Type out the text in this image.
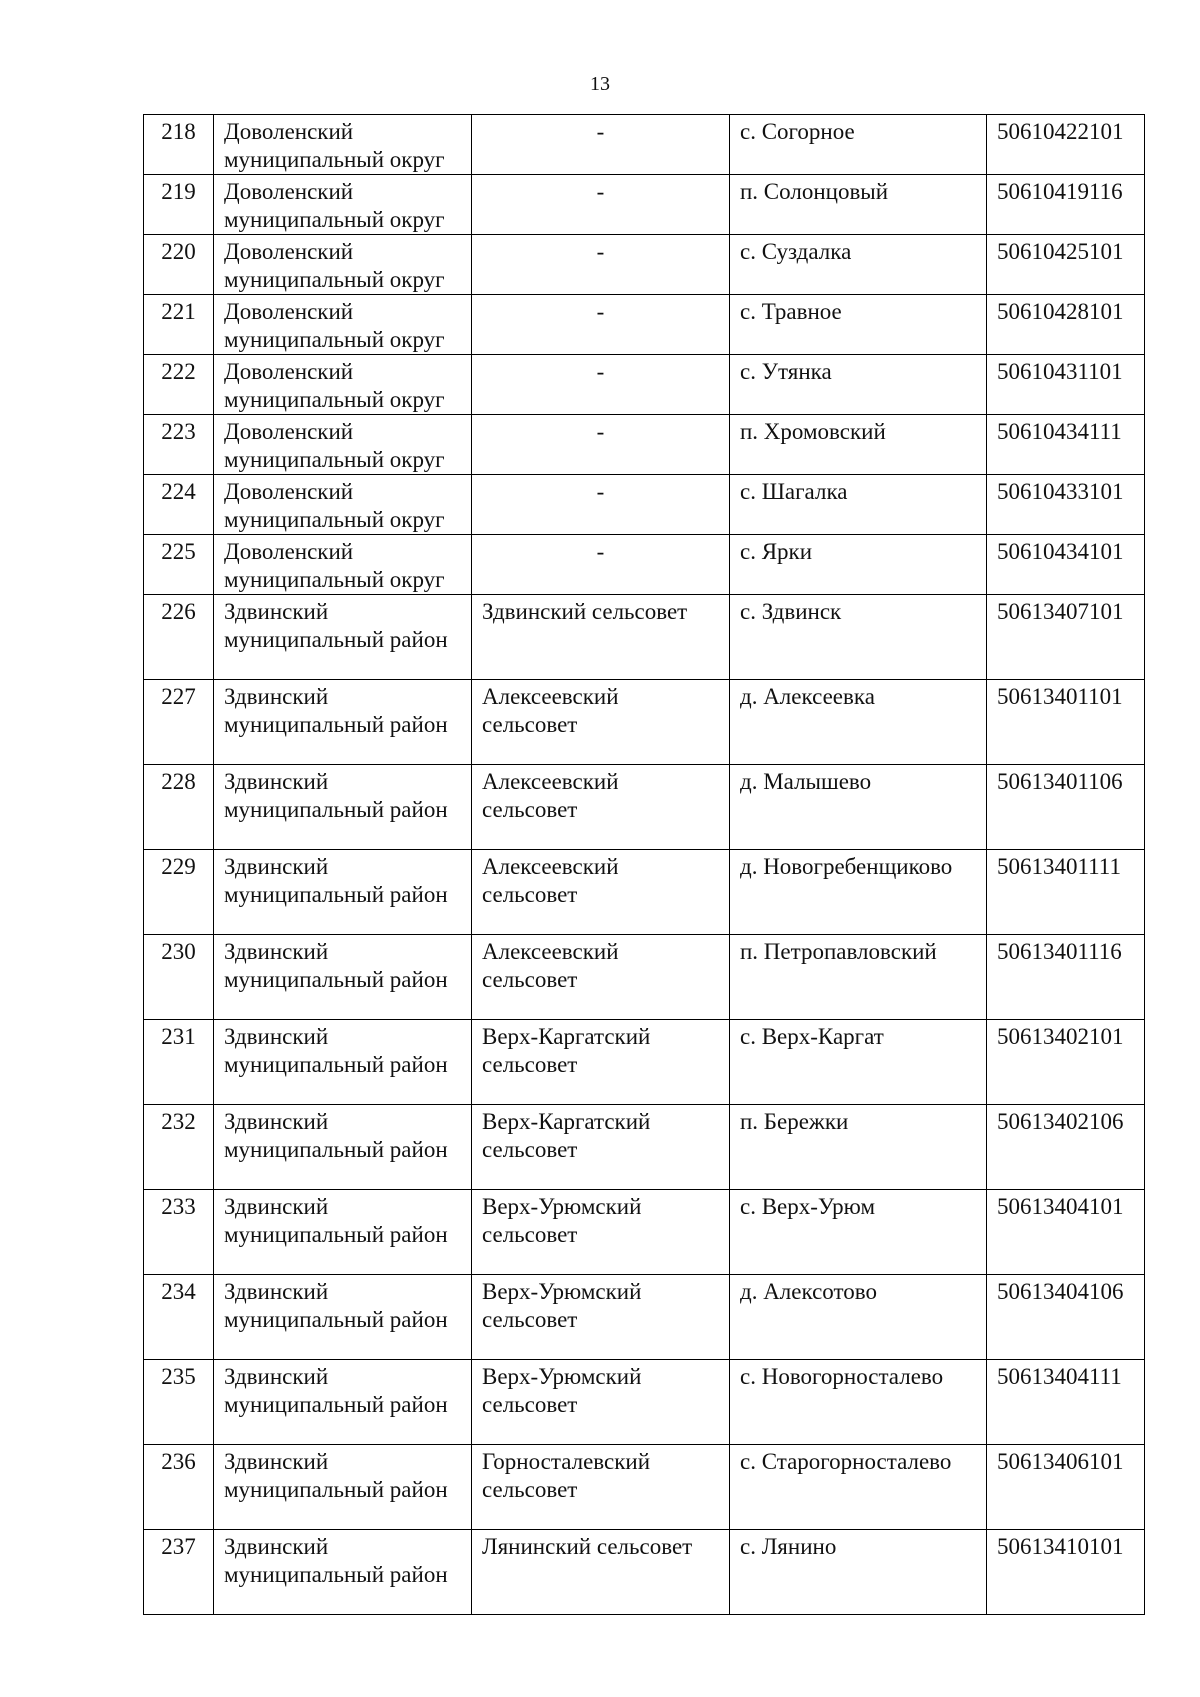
13
218	Доволенский муниципальный округ	-	с. Согорное	50610422101
219	Доволенский муниципальный округ	-	п. Солонцовый	50610419116
220	Доволенский муниципальный округ	-	с. Суздалка	50610425101
221	Доволенский муниципальный округ	-	с. Травное	50610428101
222	Доволенский муниципальный округ	-	с. Утянка	50610431101
223	Доволенский муниципальный округ	-	п. Хромовский	50610434111
224	Доволенский муниципальный округ	-	с. Шагалка	50610433101
225	Доволенский муниципальный округ	-	с. Ярки	50610434101
226	Здвинский муниципальный район	Здвинский сельсовет	с. Здвинск	50613407101
227	Здвинский муниципальный район	Алексеевский сельсовет	д. Алексеевка	50613401101
228	Здвинский муниципальный район	Алексеевский сельсовет	д. Малышево	50613401106
229	Здвинский муниципальный район	Алексеевский сельсовет	д. Новогребенщиково	50613401111
230	Здвинский муниципальный район	Алексеевский сельсовет	п. Петропавловский	50613401116
231	Здвинский муниципальный район	Верх-Каргатский сельсовет	с. Верх-Каргат	50613402101
232	Здвинский муниципальный район	Верх-Каргатский сельсовет	п. Бережки	50613402106
233	Здвинский муниципальный район	Верх-Урюмский сельсовет	с. Верх-Урюм	50613404101
234	Здвинский муниципальный район	Верх-Урюмский сельсовет	д. Алексотово	50613404106
235	Здвинский муниципальный район	Верх-Урюмский сельсовет	с. Новогорносталево	50613404111
236	Здвинский муниципальный район	Горносталевский сельсовет	с. Старогорносталево	50613406101
237	Здвинский муниципальный район	Лянинский сельсовет	с. Лянино	50613410101
